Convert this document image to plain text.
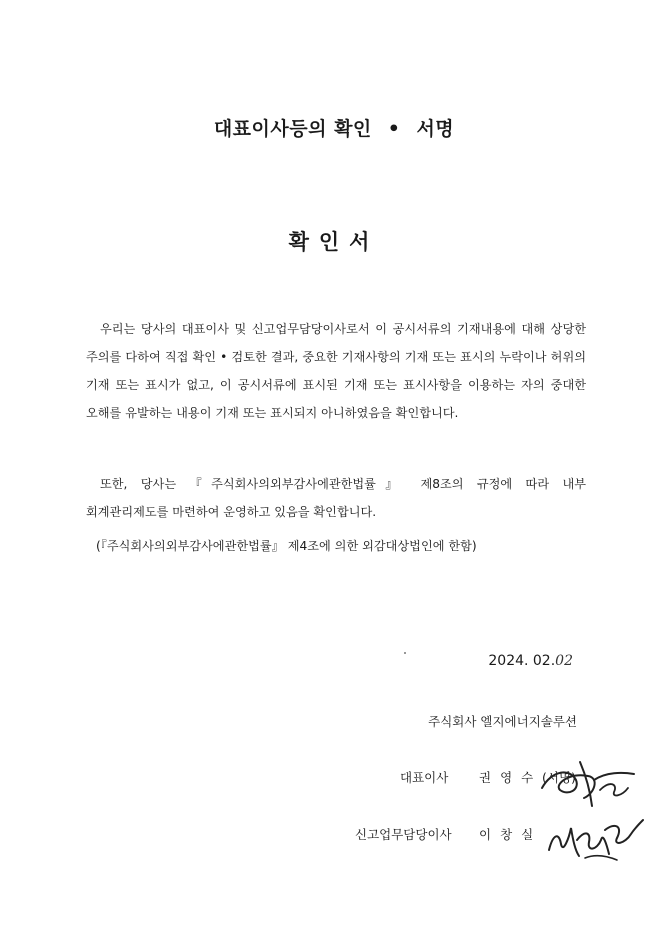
대표이사등의 확인 • 서명
확인서
우리는 당사의 대표이사 및 신고업무담당이사로서 이 공시서류의 기재내용에 대해 상당한 주의를 다하여 직접 확인 • 검토한 결과, 중요한 기재사항의 기재 또는 표시의 누락이나 허위의 기재 또는 표시가 없고, 이 공시서류에 표시된 기재 또는 표시사항을 이용하는 자의 중대한 오해를 유발하는 내용이 기재 또는 표시되지 아니하였음을 확인합니다.
또한, 당사는 『주식회사의외부감사에관한법률』 제8조의 규정에 따라 내부 회계관리제도를 마련하여 운영하고 있음을 확인합니다.
(『주식회사의외부감사에관한법률』 제4조에 의한 외감대상법인에 한함)
2024. 02.02
주식회사 엘지에너지솔루션
대표이사 권영수 (서명)
신고업무담당이사 이창실
